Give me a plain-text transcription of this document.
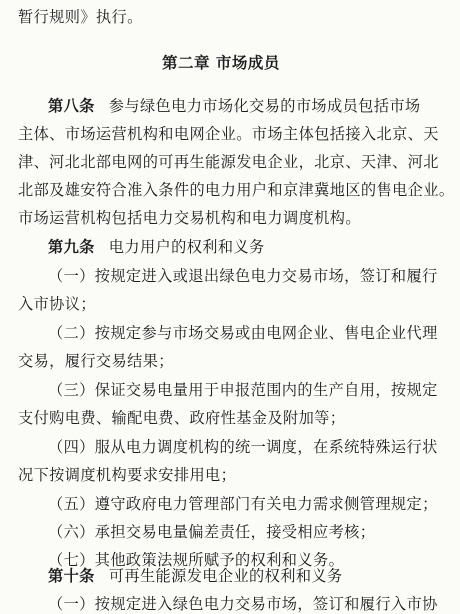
暂行规则》执行。
第二章 市场成员
第八条 参与绿色电力市场化交易的市场成员包括市场
主体、市场运营机构和电网企业。市场主体包括接入北京、天
津、河北北部电网的可再生能源发电企业，北京、天津、河北
北部及雄安符合准入条件的电力用户和京津冀地区的售电企业。
市场运营机构包括电力交易机构和电力调度机构。
第九条 电力用户的权利和义务
（一）按规定进入或退出绿色电力交易市场，签订和履行
入市协议；
（二）按规定参与市场交易或由电网企业、售电企业代理
交易，履行交易结果；
（三）保证交易电量用于申报范围内的生产自用，按规定
支付购电费、输配电费、政府性基金及附加等；
（四）服从电力调度机构的统一调度，在系统特殊运行状
况下按调度机构要求安排用电；
（五）遵守政府电力管理部门有关电力需求侧管理规定；
（六）承担交易电量偏差责任，接受相应考核；
（七）其他政策法规所赋予的权利和义务。
第十条 可再生能源发电企业的权利和义务
（一）按规定进入绿色电力交易市场，签订和履行入市协
